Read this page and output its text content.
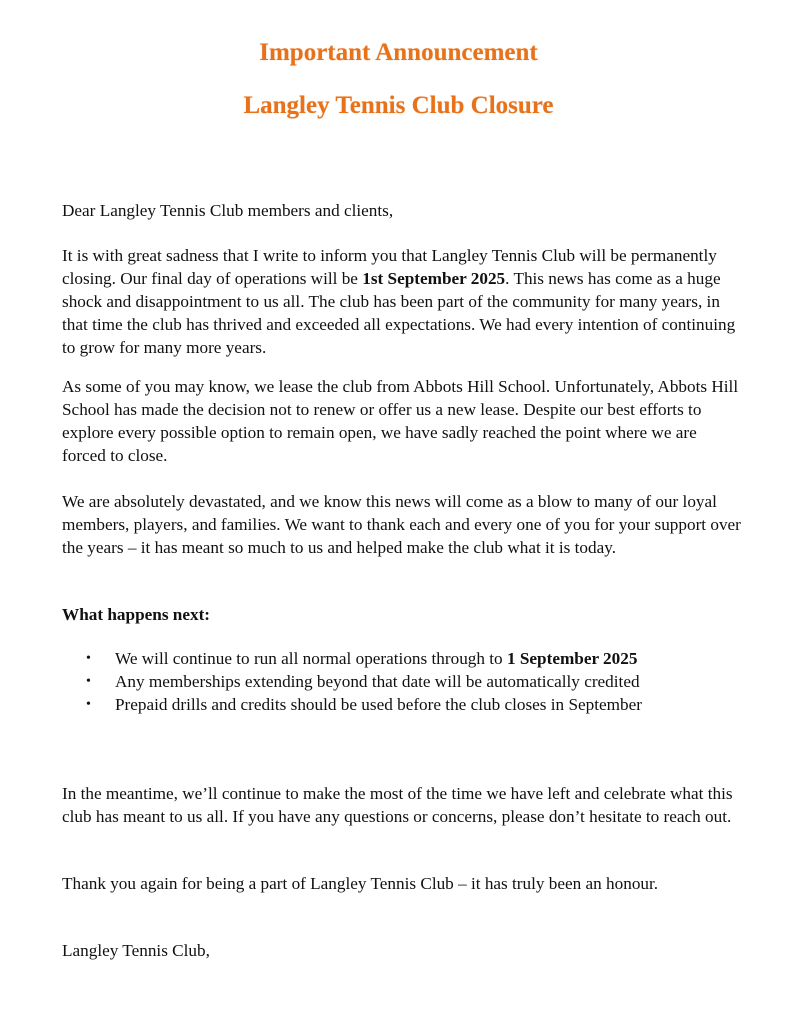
Important Announcement
Langley Tennis Club Closure

Dear Langley Tennis Club members and clients,

It is with great sadness that I write to inform you that Langley Tennis Club will be permanently closing. Our final day of operations will be 1st September 2025. This news has come as a huge shock and disappointment to us all. The club has been part of the community for many years, in that time the club has thrived and exceeded all expectations. We had every intention of continuing to grow for many more years.

As some of you may know, we lease the club from Abbots Hill School. Unfortunately, Abbots Hill School has made the decision not to renew or offer us a new lease. Despite our best efforts to explore every possible option to remain open, we have sadly reached the point where we are forced to close.

We are absolutely devastated, and we know this news will come as a blow to many of our loyal members, players, and families. We want to thank each and every one of you for your support over the years – it has meant so much to us and helped make the club what it is today.

What happens next:

• We will continue to run all normal operations through to 1 September 2025
• Any memberships extending beyond that date will be automatically credited
• Prepaid drills and credits should be used before the club closes in September

In the meantime, we’ll continue to make the most of the time we have left and celebrate what this club has meant to us all. If you have any questions or concerns, please don’t hesitate to reach out.

Thank you again for being a part of Langley Tennis Club – it has truly been an honour.

Langley Tennis Club,
